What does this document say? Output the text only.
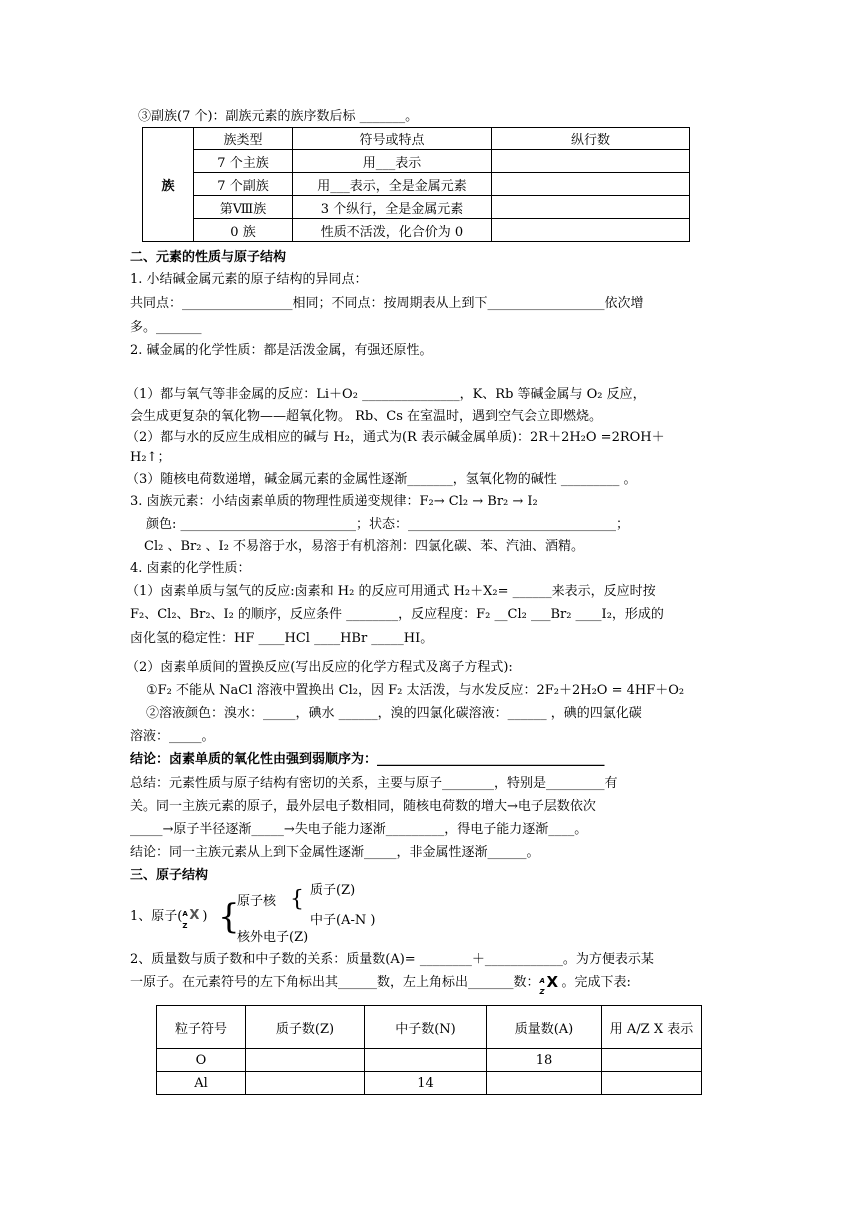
③副族(7 个)：副族元素的族序数后标 _______。
族	族类型	符号或特点	纵行数
	7 个主族	用___表示	
	7 个副族	用___表示，全是金属元素	
	第Ⅷ族	3 个纵行，全是金属元素	
	0 族	性质不活泼，化合价为 0	
二、元素的性质与原子结构
1. 小结碱金属元素的原子结构的异同点：
共同点：_________________相同；不同点：按周期表从上到下__________________依次增
多。_______
2. 碱金属的化学性质：都是活泼金属，有强还原性。
（1）都与氧气等非金属的反应：Li＋O₂ _______________，K、Rb 等碱金属与 O₂ 反应，
会生成更复杂的氧化物——超氧化物。 Rb、Cs 在室温时，遇到空气会立即燃烧。
（2）都与水的反应生成相应的碱与 H₂，通式为(R 表示碱金属单质)：2R＋2H₂O =2ROH＋
H₂↑；
（3）随核电荷数递增，碱金属元素的金属性逐渐_______，氢氧化物的碱性 _________ 。
3. 卤族元素：小结卤素单质的物理性质递变规律：F₂→ Cl₂ → Br₂ → I₂
颜色: ___________________________；状态：________________________________；
Cl₂ 、Br₂ 、I₂ 不易溶于水，易溶于有机溶剂：四氯化碳、苯、汽油、酒精。
4. 卤素的化学性质：
（1）卤素单质与氢气的反应:卤素和 H₂ 的反应可用通式 H₂＋X₂= ______来表示，反应时按
F₂、Cl₂、Br₂、I₂ 的顺序，反应条件 ________，反应程度：F₂ __Cl₂ ___Br₂ ____I₂，形成的
卤化氢的稳定性：HF ____HCl ____HBr _____HI。
（2）卤素单质间的置换反应(写出反应的化学方程式及离子方程式):
①F₂ 不能从 NaCl 溶液中置换出 Cl₂，因 F₂ 太活泼，与水发反应：2F₂＋2H₂O = 4HF＋O₂
②溶液颜色：溴水：_____，碘水 ______，溴的四氯化碳溶液：______ ，碘的四氯化碳
溶液：_____。
结论：卤素单质的氧化性由强到弱顺序为：___________________________________
总结：元素性质与原子结构有密切的关系，主要与原子________，特别是_________有
关。同一主族元素的原子，最外层电子数相同，随核电荷数的增大→电子层数依次
_____→原子半径逐渐_____→失电子能力逐渐_________，得电子能力逐渐____。
结论：同一主族元素从上到下金属性逐渐_____，非金属性逐渐______。
三、原子结构
1、原子( A
Z
X ) {
原子核 { 质子(Z)
中子(A-N )
核外电子(Z)
2、质量数与质子数和中子数的关系：质量数(A)= ________＋____________。为方便表示某
一原子。在元素符号的左下角标出其______数，左上角标出_______数： A
Z
X 。完成下表:
粒子符号	质子数(Z)	中子数(N)	质量数(A)	用 A/Z X 表示
O			18	
Al		14		
